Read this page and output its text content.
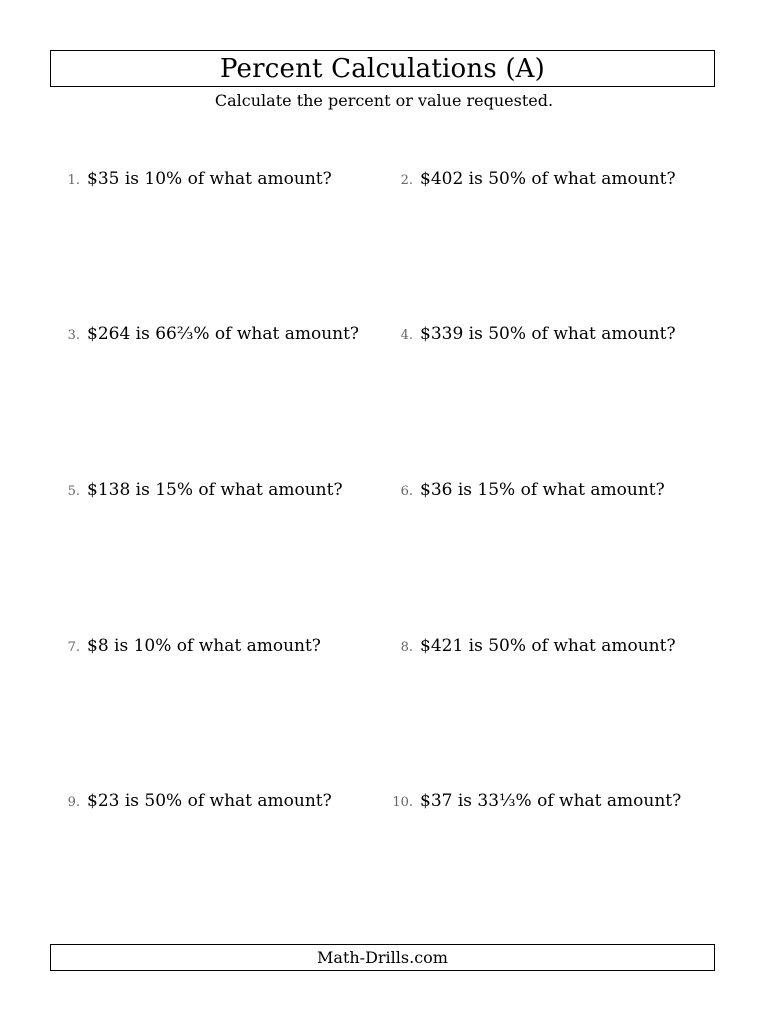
Percent Calculations (A)
Calculate the percent or value requested.
1. $35 is 10% of what amount?
3. $264 is 66⅔% of what amount?
5. $138 is 15% of what amount?
7. $8 is 10% of what amount?
9. $23 is 50% of what amount?
2. $402 is 50% of what amount?
4. $339 is 50% of what amount?
6. $36 is 15% of what amount?
8. $421 is 50% of what amount?
10. $37 is 33⅓% of what amount?
Math-Drills.com
